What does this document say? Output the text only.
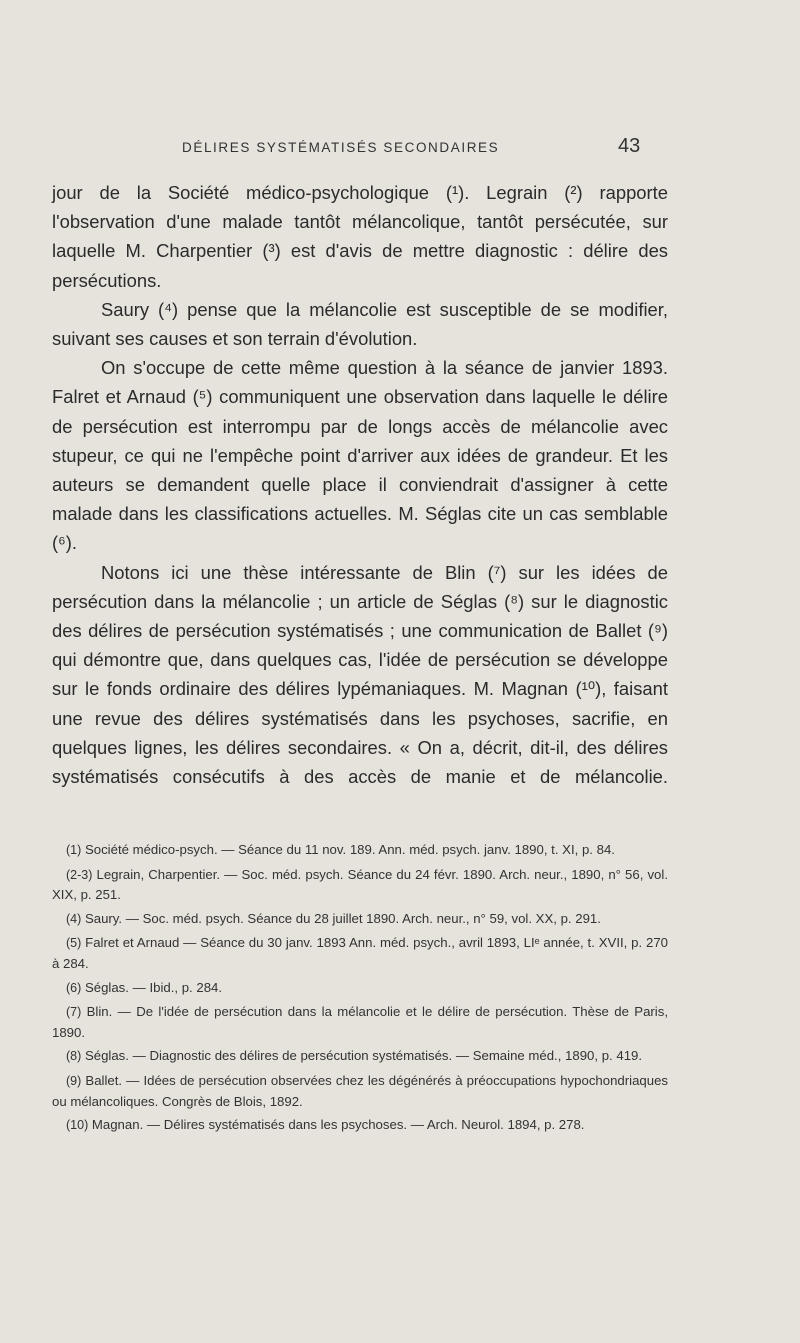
DÉLIRES SYSTÉMATISÉS SECONDAIRES	43

jour de la Société médico-psychologique (¹). Legrain (²) rapporte l'observation d'une malade tantôt mélancolique, tantôt persécutée, sur laquelle M. Charpentier (³) est d'avis de mettre diagnostic : délire des persécutions.

Saury (⁴) pense que la mélancolie est susceptible de se modifier, suivant ses causes et son terrain d'évolution.

On s'occupe de cette même question à la séance de janvier 1893. Falret et Arnaud (⁵) communiquent une observation dans laquelle le délire de persécution est interrompu par de longs accès de mélancolie avec stupeur, ce qui ne l'empêche point d'arriver aux idées de grandeur. Et les auteurs se demandent quelle place il conviendrait d'assigner à cette malade dans les classifications actuelles. M. Séglas cite un cas semblable (⁶).

Notons ici une thèse intéressante de Blin (⁷) sur les idées de persécution dans la mélancolie ; un article de Séglas (⁸) sur le diagnostic des délires de persécution systématisés ; une communication de Ballet (⁹) qui démontre que, dans quelques cas, l'idée de persécution se développe sur le fonds ordinaire des délires lypémaniaques. M. Magnan (¹⁰), faisant une revue des délires systématisés dans les psychoses, sacrifie, en quelques lignes, les délires secondaires. « On a, décrit, dit-il, des délires systématisés consécutifs à des accès de manie et de mélancolie.

(1) Société médico-psych. — Séance du 11 nov. 189. Ann. méd. psych. janv. 1890, t. XI, p. 84.

(2-3) Legrain, Charpentier. — Soc. méd. psych. Séance du 24 févr. 1890. Arch. neur., 1890, n° 56, vol. XIX, p. 251.

(4) Saury. — Soc. méd. psych. Séance du 28 juillet 1890. Arch. neur., n° 59, vol. XX, p. 291.

(5) Falret et Arnaud — Séance du 30 janv. 1893 Ann. méd. psych., avril 1893, LIᵉ année, t. XVII, p. 270 à 284.

(6) Séglas. — Ibid., p. 284.

(7) Blin. — De l'idée de persécution dans la mélancolie et le délire de persécution. Thèse de Paris, 1890.

(8) Séglas. — Diagnostic des délires de persécution systématisés. — Semaine méd., 1890, p. 419.

(9) Ballet. — Idées de persécution observées chez les dégénérés à préoccupations hypochondriaques ou mélancoliques. Congrès de Blois, 1892.

(10) Magnan. — Délires systématisés dans les psychoses. — Arch. Neurol. 1894, p. 278.
